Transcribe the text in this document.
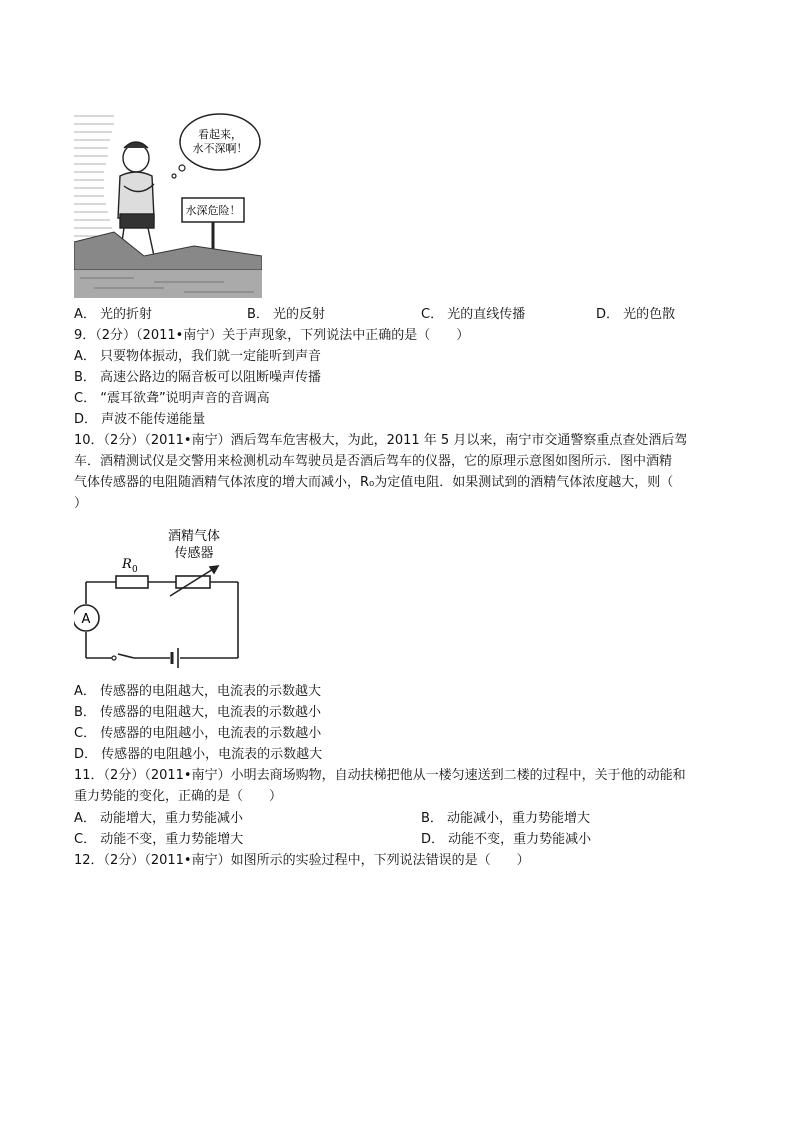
看起来，
水不深啊！
水深危险！
A． 光的折射	B． 光的反射	C． 光的直线传播	D． 光的色散
9．（2分）（2011•南宁）关于声现象，下列说法中正确的是（　　）
A． 只要物体振动，我们就一定能听到声音
B． 高速公路边的隔音板可以阻断噪声传播
C． “震耳欲聋”说明声音的音调高
D． 声波不能传递能量
10．（2分）（2011•南宁）酒后驾车危害极大，为此，2011 年 5 月以来，南宁市交通警察重点查处酒后驾
车．酒精测试仪是交警用来检测机动车驾驶员是否酒后驾车的仪器，它的原理示意图如图所示．图中酒精
气体传感器的电阻随酒精气体浓度的增大而减小，R₀为定值电阻．如果测试到的酒精气体浓度越大，则（
）
酒精气体
传感器
R 0
A
A． 传感器的电阻越大，电流表的示数越大
B． 传感器的电阻越大，电流表的示数越小
C． 传感器的电阻越小，电流表的示数越小
D． 传感器的电阻越小，电流表的示数越大
11．（2分）（2011•南宁）小明去商场购物，自动扶梯把他从一楼匀速送到二楼的过程中，关于他的动能和
重力势能的变化，正确的是（　　）
A． 动能增大，重力势能减小	B． 动能减小，重力势能增大
C． 动能不变，重力势能增大	D． 动能不变，重力势能减小
12．（2分）（2011•南宁）如图所示的实验过程中，下列说法错误的是（　　）
